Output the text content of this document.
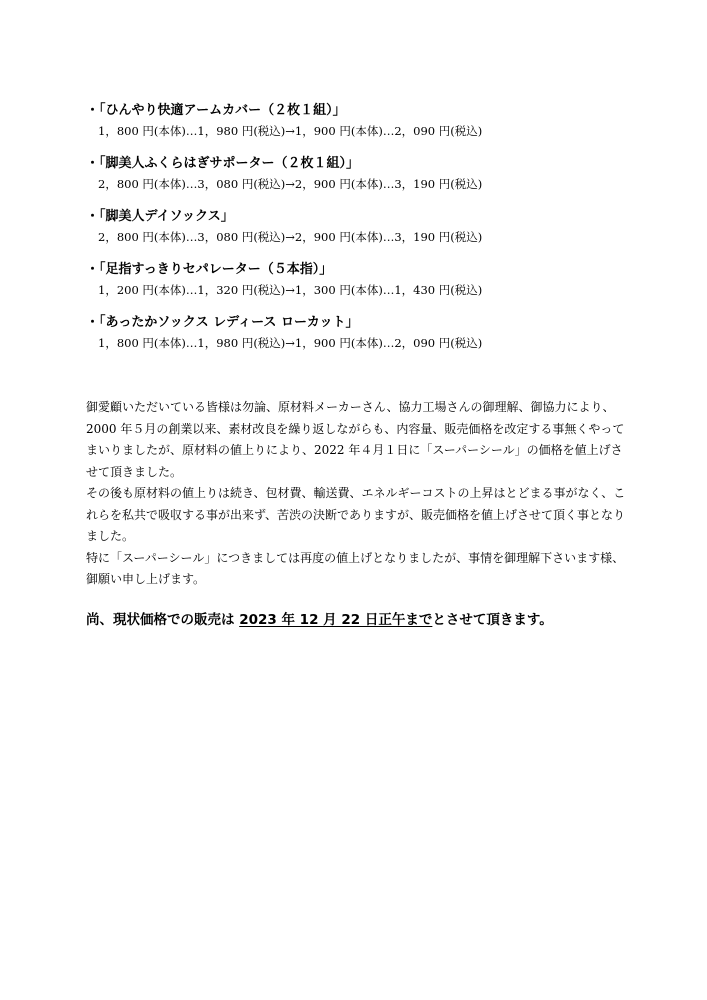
・「ひんやり快適アームカバー（２枚１組）」
1，800 円(本体)…1，980 円(税込)→1，900 円(本体)…2，090 円(税込)
・「脚美人ふくらはぎサポーター（２枚１組）」
2，800 円(本体)…3，080 円(税込)→2，900 円(本体)…3，190 円(税込)
・「脚美人デイソックス」
2，800 円(本体)…3，080 円(税込)→2，900 円(本体)…3，190 円(税込)
・「足指すっきりセパレーター（５本指）」
1，200 円(本体)…1，320 円(税込)→1，300 円(本体)…1，430 円(税込)
・「あったかソックス レディース ローカット」
1，800 円(本体)…1，980 円(税込)→1，900 円(本体)…2，090 円(税込)

御愛顧いただいている皆様は勿論、原材料メーカーさん、協力工場さんの御理解、御協力により、2000 年５月の創業以来、素材改良を繰り返しながらも、内容量、販売価格を改定する事無くやってまいりましたが、原材料の値上りにより、2022 年４月１日に「スーパーシール」の価格を値上げさせて頂きました。

その後も原材料の値上りは続き、包材費、輸送費、エネルギーコストの上昇はとどまる事がなく、これらを私共で吸収する事が出来ず、苦渋の決断でありますが、販売価格を値上げさせて頂く事となりました。

特に「スーパーシール」につきましては再度の値上げとなりましたが、事情を御理解下さいます様、御願い申し上げます。

尚、現状価格での販売は 2023 年 12 月 22 日正午までとさせて頂きます。
